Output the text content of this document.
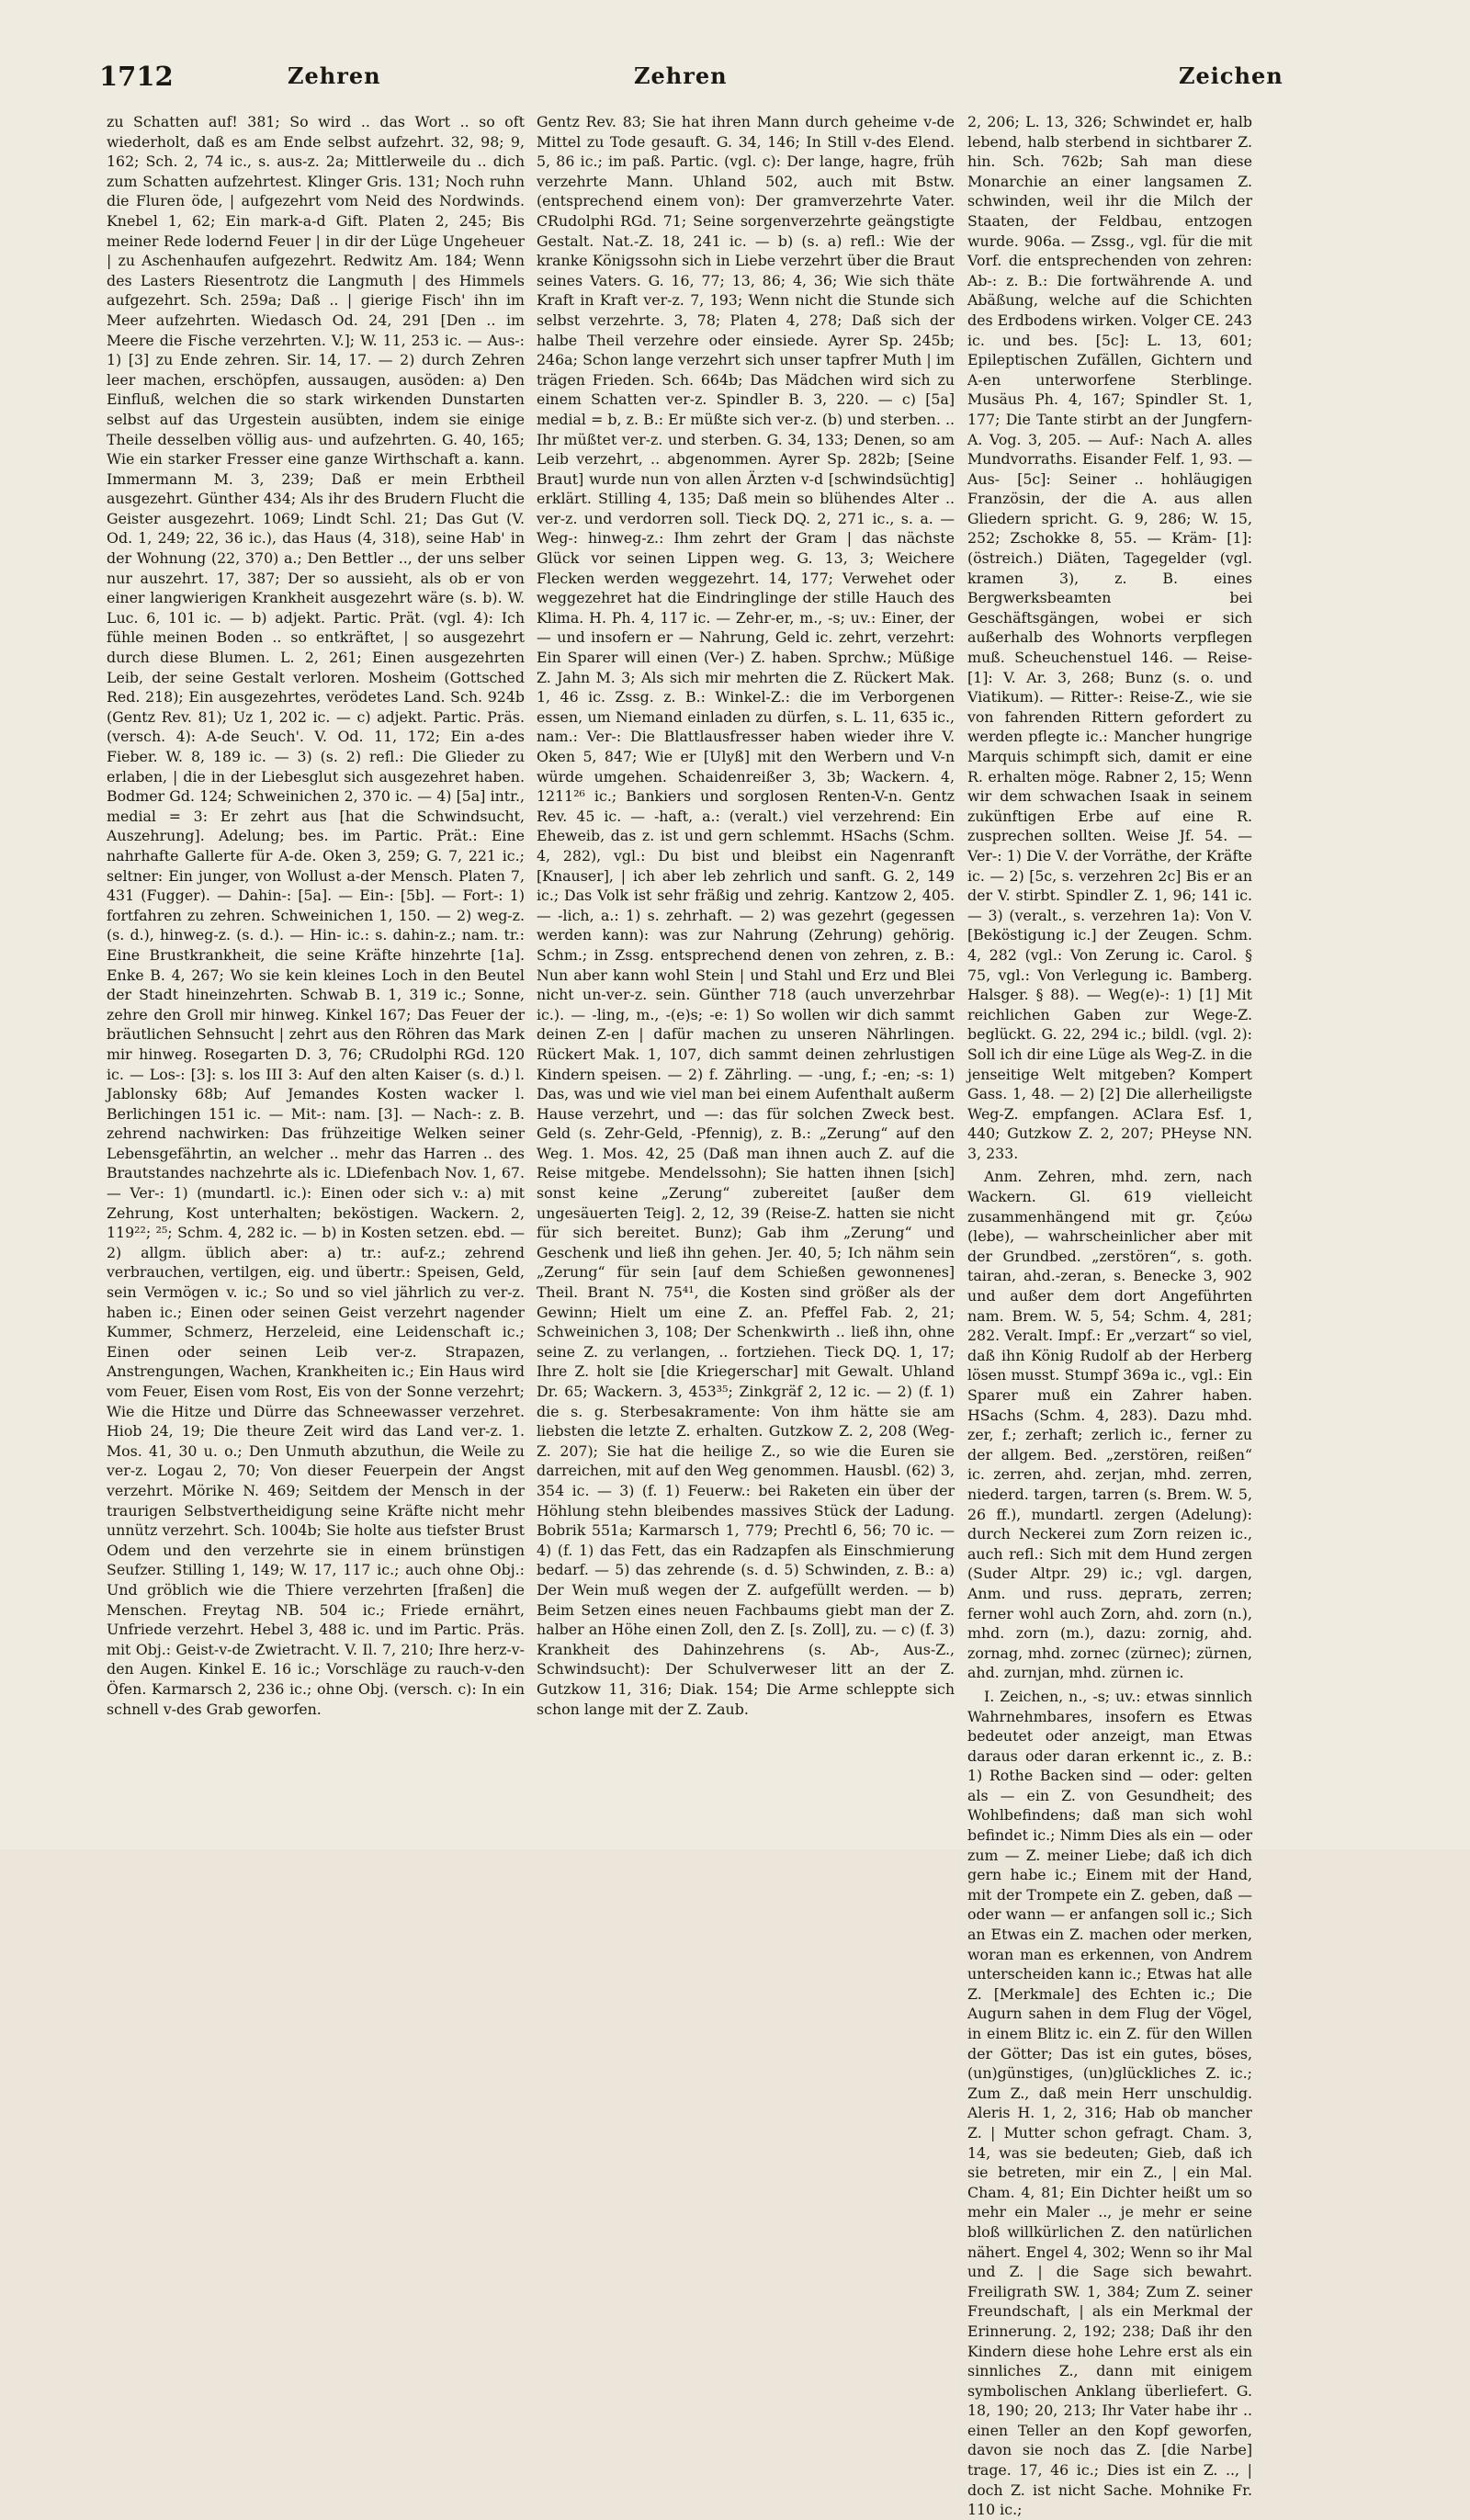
1712	Zehren	Zehren	Zeichen

zu Schatten auf! 381; So wird .. das Wort .. so oft wiederholt, daß es am Ende selbst aufzehrt. 32, 98; 9, 162; Sch. 2, 74 ic., s. aus-z. 2a; Mittlerweile du .. dich zum Schatten aufzehrtest. Klinger Gris. 131; Noch ruhn die Fluren öde, | aufgezehrt vom Neid des Nordwinds. Knebel 1, 62; Ein mark-a-d Gift. Platen 2, 245; Bis meiner Rede lodernd Feuer | in dir der Lüge Ungeheuer | zu Aschenhaufen aufgezehrt. Redwitz Am. 184; Wenn des Lasters Riesentrotz die Langmuth | des Himmels aufgezehrt. Sch. 259a; Daß .. | gierige Fisch' ihn im Meer aufzehrten. Wiedasch Od. 24, 291 [Den .. im Meere die Fische verzehrten. V.]; W. 11, 253 ic. — Aus-: 1) [3] zu Ende zehren. Sir. 14, 17. — 2) durch Zehren leer machen, erschöpfen, aussaugen, ausöden: a) Den Einfluß, welchen die so stark wirkenden Dunstarten selbst auf das Urgestein ausübten, indem sie einige Theile desselben völlig aus- und aufzehrten. G. 40, 165; Wie ein starker Fresser eine ganze Wirthschaft a. kann. Immermann M. 3, 239; Daß er mein Erbtheil ausgezehrt. Günther 434; Als ihr des Brudern Flucht die Geister ausgezehrt. 1069; Lindt Schl. 21; Das Gut (V. Od. 1, 249; 22, 36 ic.), das Haus (4, 318), seine Hab' in der Wohnung (22, 370) a.; Den Bettler .., der uns selber nur auszehrt. 17, 387; Der so aussieht, als ob er von einer langwierigen Krankheit ausgezehrt wäre (s. b). W. Luc. 6, 101 ic. — b) adjekt. Partic. Prät. (vgl. 4): Ich fühle meinen Boden .. so entkräftet, | so ausgezehrt durch diese Blumen. L. 2, 261; Einen ausgezehrten Leib, der seine Gestalt verloren. Mosheim (Gottsched Red. 218); Ein ausgezehrtes, verödetes Land. Sch. 924b (Gentz Rev. 81); Uz 1, 202 ic. — c) adjekt. Partic. Präs. (versch. 4): A-de Seuch'. V. Od. 11, 172; Ein a-des Fieber. W. 8, 189 ic. — 3) (s. 2) refl.: Die Glieder zu erlaben, | die in der Liebesglut sich ausgezehret haben. Bodmer Gd. 124; Schweinichen 2, 370 ic. — 4) [5a] intr., medial = 3: Er zehrt aus [hat die Schwindsucht, Auszehrung]. Adelung; bes. im Partic. Prät.: Eine nahrhafte Gallerte für A-de. Oken 3, 259; G. 7, 221 ic.; seltner: Ein junger, von Wollust a-der Mensch. Platen 7, 431 (Fugger). — Dahin-: [5a]. — Ein-: [5b]. — Fort-: 1) fortfahren zu zehren. Schweinichen 1, 150. — 2) weg-z. (s. d.), hinweg-z. (s. d.). — Hin- ic.: s. dahin-z.; nam. tr.: Eine Brustkrankheit, die seine Kräfte hinzehrte [1a]. Enke B. 4, 267; Wo sie kein kleines Loch in den Beutel der Stadt hineinzehrten. Schwab B. 1, 319 ic.; Sonne, zehre den Groll mir hinweg. Kinkel 167; Das Feuer der bräutlichen Sehnsucht | zehrt aus den Röhren das Mark mir hinweg. Rosegarten D. 3, 76; CRudolphi RGd. 120 ic. — Los-: [3]: s. los III 3: Auf den alten Kaiser (s. d.) l. Jablonsky 68b; Auf Jemandes Kosten wacker l. Berlichingen 151 ic. — Mit-: nam. [3]. — Nach-: z. B. zehrend nachwirken: Das frühzeitige Welken seiner Lebensgefährtin, an welcher .. mehr das Harren .. des Brautstandes nachzehrte als ic. LDiefenbach Nov. 1, 67. — Ver-: 1) (mundartl. ic.): Einen oder sich v.: a) mit Zehrung, Kost unterhalten; beköstigen. Wackern. 2, 119²²; ²⁵; Schm. 4, 282 ic. — b) in Kosten setzen. ebd. — 2) allgm. üblich aber: a) tr.: auf-z.; zehrend verbrauchen, vertilgen, eig. und übertr.: Speisen, Geld, sein Vermögen v. ic.; So und so viel jährlich zu ver-z. haben ic.; Einen oder seinen Geist verzehrt nagender Kummer, Schmerz, Herzeleid, eine Leidenschaft ic.; Einen oder seinen Leib ver-z. Strapazen, Anstrengungen, Wachen, Krankheiten ic.; Ein Haus wird vom Feuer, Eisen vom Rost, Eis von der Sonne verzehrt; Wie die Hitze und Dürre das Schneewasser verzehret. Hiob 24, 19; Die theure Zeit wird das Land ver-z. 1. Mos. 41, 30 u. o.; Den Unmuth abzuthun, die Weile zu ver-z. Logau 2, 70; Von dieser Feuerpein der Angst verzehrt. Mörike N. 469; Seitdem der Mensch in der traurigen Selbstvertheidigung seine Kräfte nicht mehr unnütz verzehrt. Sch. 1004b; Sie holte aus tiefster Brust Odem und den verzehrte sie in einem brünstigen Seufzer. Stilling 1, 149; W. 17, 117 ic.; auch ohne Obj.: Und gröblich wie die Thiere verzehrten [fraßen] die Menschen. Freytag NB. 504 ic.; Friede ernährt, Unfriede verzehrt. Hebel 3, 488 ic. und im Partic. Präs. mit Obj.: Geist-v-de Zwietracht. V. Il. 7, 210; Ihre herz-v-den Augen. Kinkel E. 16 ic.; Vorschläge zu rauch-v-den Öfen. Karmarsch 2, 236 ic.; ohne Obj. (versch. c): In ein schnell v-des Grab geworfen.

Gentz Rev. 83; Sie hat ihren Mann durch geheime v-de Mittel zu Tode gesauft. G. 34, 146; In Still v-des Elend. 5, 86 ic.; im paß. Partic. (vgl. c): Der lange, hagre, früh verzehrte Mann. Uhland 502, auch mit Bstw. (entsprechend einem von): Der gramverzehrte Vater. CRudolphi RGd. 71; Seine sorgenverzehrte geängstigte Gestalt. Nat.-Z. 18, 241 ic. — b) (s. a) refl.: Wie der kranke Königssohn sich in Liebe verzehrt über die Braut seines Vaters. G. 16, 77; 13, 86; 4, 36; Wie sich thäte Kraft in Kraft ver-z. 7, 193; Wenn nicht die Stunde sich selbst verzehrte. 3, 78; Platen 4, 278; Daß sich der halbe Theil verzehre oder einsiede. Ayrer Sp. 245b; 246a; Schon lange verzehrt sich unser tapfrer Muth | im trägen Frieden. Sch. 664b; Das Mädchen wird sich zu einem Schatten ver-z. Spindler B. 3, 220. — c) [5a] medial = b, z. B.: Er müßte sich ver-z. (b) und sterben. .. Ihr müßtet ver-z. und sterben. G. 34, 133; Denen, so am Leib verzehrt, .. abgenommen. Ayrer Sp. 282b; [Seine Braut] wurde nun von allen Ärzten v-d [schwindsüchtig] erklärt. Stilling 4, 135; Daß mein so blühendes Alter .. ver-z. und verdorren soll. Tieck DQ. 2, 271 ic., s. a. — Weg-: hinweg-z.: Ihm zehrt der Gram | das nächste Glück vor seinen Lippen weg. G. 13, 3; Weichere Flecken werden weggezehrt. 14, 177; Verwehet oder weggezehret hat die Eindringlinge der stille Hauch des Klima. H. Ph. 4, 117 ic. — Zehr-er, m., -s; uv.: Einer, der — und insofern er — Nahrung, Geld ic. zehrt, verzehrt: Ein Sparer will einen (Ver-) Z. haben. Sprchw.; Müßige Z. Jahn M. 3; Als sich mir mehrten die Z. Rückert Mak. 1, 46 ic. Zssg. z. B.: Winkel-Z.: die im Verborgenen essen, um Niemand einladen zu dürfen, s. L. 11, 635 ic., nam.: Ver-: Die Blattlausfresser haben wieder ihre V. Oken 5, 847; Wie er [Ulyß] mit den Werbern und V-n würde umgehen. Schaidenreißer 3, 3b; Wackern. 4, 1211²⁶ ic.; Bankiers und sorglosen Renten-V-n. Gentz Rev. 45 ic. — -haft, a.: (veralt.) viel verzehrend: Ein Eheweib, das z. ist und gern schlemmt. HSachs (Schm. 4, 282), vgl.: Du bist und bleibst ein Nagenranft [Knauser], | ich aber leb zehrlich und sanft. G. 2, 149 ic.; Das Volk ist sehr fräßig und zehrig. Kantzow 2, 405. — -lich, a.: 1) s. zehrhaft. — 2) was gezehrt (gegessen werden kann): was zur Nahrung (Zehrung) gehörig. Schm.; in Zssg. entsprechend denen von zehren, z. B.: Nun aber kann wohl Stein | und Stahl und Erz und Blei nicht un-ver-z. sein. Günther 718 (auch unverzehrbar ic.). — -ling, m., -(e)s; -e: 1) So wollen wir dich sammt deinen Z-en | dafür machen zu unseren Nährlingen. Rückert Mak. 1, 107, dich sammt deinen zehrlustigen Kindern speisen. — 2) f. Zährling. — -ung, f.; -en; -s: 1) Das, was und wie viel man bei einem Aufenthalt außerm Hause verzehrt, und —: das für solchen Zweck best. Geld (s. Zehr-Geld, -Pfennig), z. B.: „Zerung“ auf den Weg. 1. Mos. 42, 25 (Daß man ihnen auch Z. auf die Reise mitgebe. Mendelssohn); Sie hatten ihnen [sich] sonst keine „Zerung“ zubereitet [außer dem ungesäuerten Teig]. 2, 12, 39 (Reise-Z. hatten sie nicht für sich bereitet. Bunz); Gab ihm „Zerung“ und Geschenk und ließ ihn gehen. Jer. 40, 5; Ich nähm sein „Zerung“ für sein [auf dem Schießen gewonnenes] Theil. Brant N. 75⁴¹, die Kosten sind größer als der Gewinn; Hielt um eine Z. an. Pfeffel Fab. 2, 21; Schweinichen 3, 108; Der Schenkwirth .. ließ ihn, ohne seine Z. zu verlangen, .. fortziehen. Tieck DQ. 1, 17; Ihre Z. holt sie [die Kriegerschar] mit Gewalt. Uhland Dr. 65; Wackern. 3, 453³⁵; Zinkgräf 2, 12 ic. — 2) (f. 1) die s. g. Sterbesakramente: Von ihm hätte sie am liebsten die letzte Z. erhalten. Gutzkow Z. 2, 208 (Weg-Z. 207); Sie hat die heilige Z., so wie die Euren sie darreichen, mit auf den Weg genommen. Hausbl. (62) 3, 354 ic. — 3) (f. 1) Feuerw.: bei Raketen ein über der Höhlung stehn bleibendes massives Stück der Ladung. Bobrik 551a; Karmarsch 1, 779; Prechtl 6, 56; 70 ic. — 4) (f. 1) das Fett, das ein Radzapfen als Einschmierung bedarf. — 5) das zehrende (s. d. 5) Schwinden, z. B.: a) Der Wein muß wegen der Z. aufgefüllt werden. — b) Beim Setzen eines neuen Fachbaums giebt man der Z. halber an Höhe einen Zoll, den Z. [s. Zoll], zu. — c) (f. 3) Krankheit des Dahinzehrens (s. Ab-, Aus-Z., Schwindsucht): Der Schulverweser litt an der Z. Gutzkow 11, 316; Diak. 154; Die Arme schleppte sich schon lange mit der Z. Zaub.

2, 206; L. 13, 326; Schwindet er, halb lebend, halb sterbend in sichtbarer Z. hin. Sch. 762b; Sah man diese Monarchie an einer langsamen Z. schwinden, weil ihr die Milch der Staaten, der Feldbau, entzogen wurde. 906a. — Zssg., vgl. für die mit Vorf. die entsprechenden von zehren: Ab-: z. B.: Die fortwährende A. und Abäßung, welche auf die Schichten des Erdbodens wirken. Volger CE. 243 ic. und bes. [5c]: L. 13, 601; Epileptischen Zufällen, Gichtern und A-en unterworfene Sterblinge. Musäus Ph. 4, 167; Spindler St. 1, 177; Die Tante stirbt an der Jungfern-A. Vog. 3, 205. — Auf-: Nach A. alles Mundvorraths. Eisander Felf. 1, 93. — Aus- [5c]: Seiner .. hohläugigen Französin, der die A. aus allen Gliedern spricht. G. 9, 286; W. 15, 252; Zschokke 8, 55. — Kräm- [1]: (östreich.) Diäten, Tagegelder (vgl. kramen 3), z. B. eines Bergwerksbeamten bei Geschäftsgängen, wobei er sich außerhalb des Wohnorts verpflegen muß. Scheuchenstuel 146. — Reise- [1]: V. Ar. 3, 268; Bunz (s. o. und Viatikum). — Ritter-: Reise-Z., wie sie von fahrenden Rittern gefordert zu werden pflegte ic.: Mancher hungrige Marquis schimpft sich, damit er eine R. erhalten möge. Rabner 2, 15; Wenn wir dem schwachen Isaak in seinem zukünftigen Erbe auf eine R. zusprechen sollten. Weise Jf. 54. — Ver-: 1) Die V. der Vorräthe, der Kräfte ic. — 2) [5c, s. verzehren 2c] Bis er an der V. stirbt. Spindler Z. 1, 96; 141 ic. — 3) (veralt., s. verzehren 1a): Von V. [Beköstigung ic.] der Zeugen. Schm. 4, 282 (vgl.: Von Zerung ic. Carol. § 75, vgl.: Von Verlegung ic. Bamberg. Halsger. § 88). — Weg(e)-: 1) [1] Mit reichlichen Gaben zur Wege-Z. beglückt. G. 22, 294 ic.; bildl. (vgl. 2): Soll ich dir eine Lüge als Weg-Z. in die jenseitige Welt mitgeben? Kompert Gass. 1, 48. — 2) [2] Die allerheiligste Weg-Z. empfangen. AClara Esf. 1, 440; Gutzkow Z. 2, 207; PHeyse NN. 3, 233.

Anm. Zehren, mhd. zern, nach Wackern. Gl. 619 vielleicht zusammenhängend mit gr. ζεύω (lebe), — wahrscheinlicher aber mit der Grundbed. „zerstören“, s. goth. tairan, ahd.-zeran, s. Benecke 3, 902 und außer dem dort Angeführten nam. Brem. W. 5, 54; Schm. 4, 281; 282. Veralt. Impf.: Er „verzart“ so viel, daß ihn König Rudolf ab der Herberg lösen musst. Stumpf 369a ic., vgl.: Ein Sparer muß ein Zahrer haben. HSachs (Schm. 4, 283). Dazu mhd. zer, f.; zerhaft; zerlich ic., ferner zu der allgem. Bed. „zerstören, reißen“ ic. zerren, ahd. zerjan, mhd. zerren, niederd. targen, tarren (s. Brem. W. 5, 26 ff.), mundartl. zergen (Adelung): durch Neckerei zum Zorn reizen ic., auch refl.: Sich mit dem Hund zergen (Suder Altpr. 29) ic.; vgl. dargen, Anm. und russ. дергать, zerren; ferner wohl auch Zorn, ahd. zorn (n.), mhd. zorn (m.), dazu: zornig, ahd. zornag, mhd. zornec (zürnec); zürnen, ahd. zurnjan, mhd. zürnen ic.

I. Zeichen, n., -s; uv.: etwas sinnlich Wahrnehmbares, insofern es Etwas bedeutet oder anzeigt, man Etwas daraus oder daran erkennt ic., z. B.: 1) Rothe Backen sind — oder: gelten als — ein Z. von Gesundheit; des Wohlbefindens; daß man sich wohl befindet ic.; Nimm Dies als ein — oder zum — Z. meiner Liebe; daß ich dich gern habe ic.; Einem mit der Hand, mit der Trompete ein Z. geben, daß — oder wann — er anfangen soll ic.; Sich an Etwas ein Z. machen oder merken, woran man es erkennen, von Andrem unterscheiden kann ic.; Etwas hat alle Z. [Merkmale] des Echten ic.; Die Augurn sahen in dem Flug der Vögel, in einem Blitz ic. ein Z. für den Willen der Götter; Das ist ein gutes, böses, (un)günstiges, (un)glückliches Z. ic.; Zum Z., daß mein Herr unschuldig. Aleris H. 1, 2, 316; Hab ob mancher Z. | Mutter schon gefragt. Cham. 3, 14, was sie bedeuten; Gieb, daß ich sie betreten, mir ein Z., | ein Mal. Cham. 4, 81; Ein Dichter heißt um so mehr ein Maler .., je mehr er seine bloß willkürlichen Z. den natürlichen nähert. Engel 4, 302; Wenn so ihr Mal und Z. | die Sage sich bewahrt. Freiligrath SW. 1, 384; Zum Z. seiner Freundschaft, | als ein Merkmal der Erinnerung. 2, 192; 238; Daß ihr den Kindern diese hohe Lehre erst als ein sinnliches Z., dann mit einigem symbolischen Anklang überliefert. G. 18, 190; 20, 213; Ihr Vater habe ihr .. einen Teller an den Kopf geworfen, davon sie noch das Z. [die Narbe] trage. 17, 46 ic.; Dies ist ein Z. .., | doch Z. ist nicht Sache. Mohnike Fr. 110 ic.;
